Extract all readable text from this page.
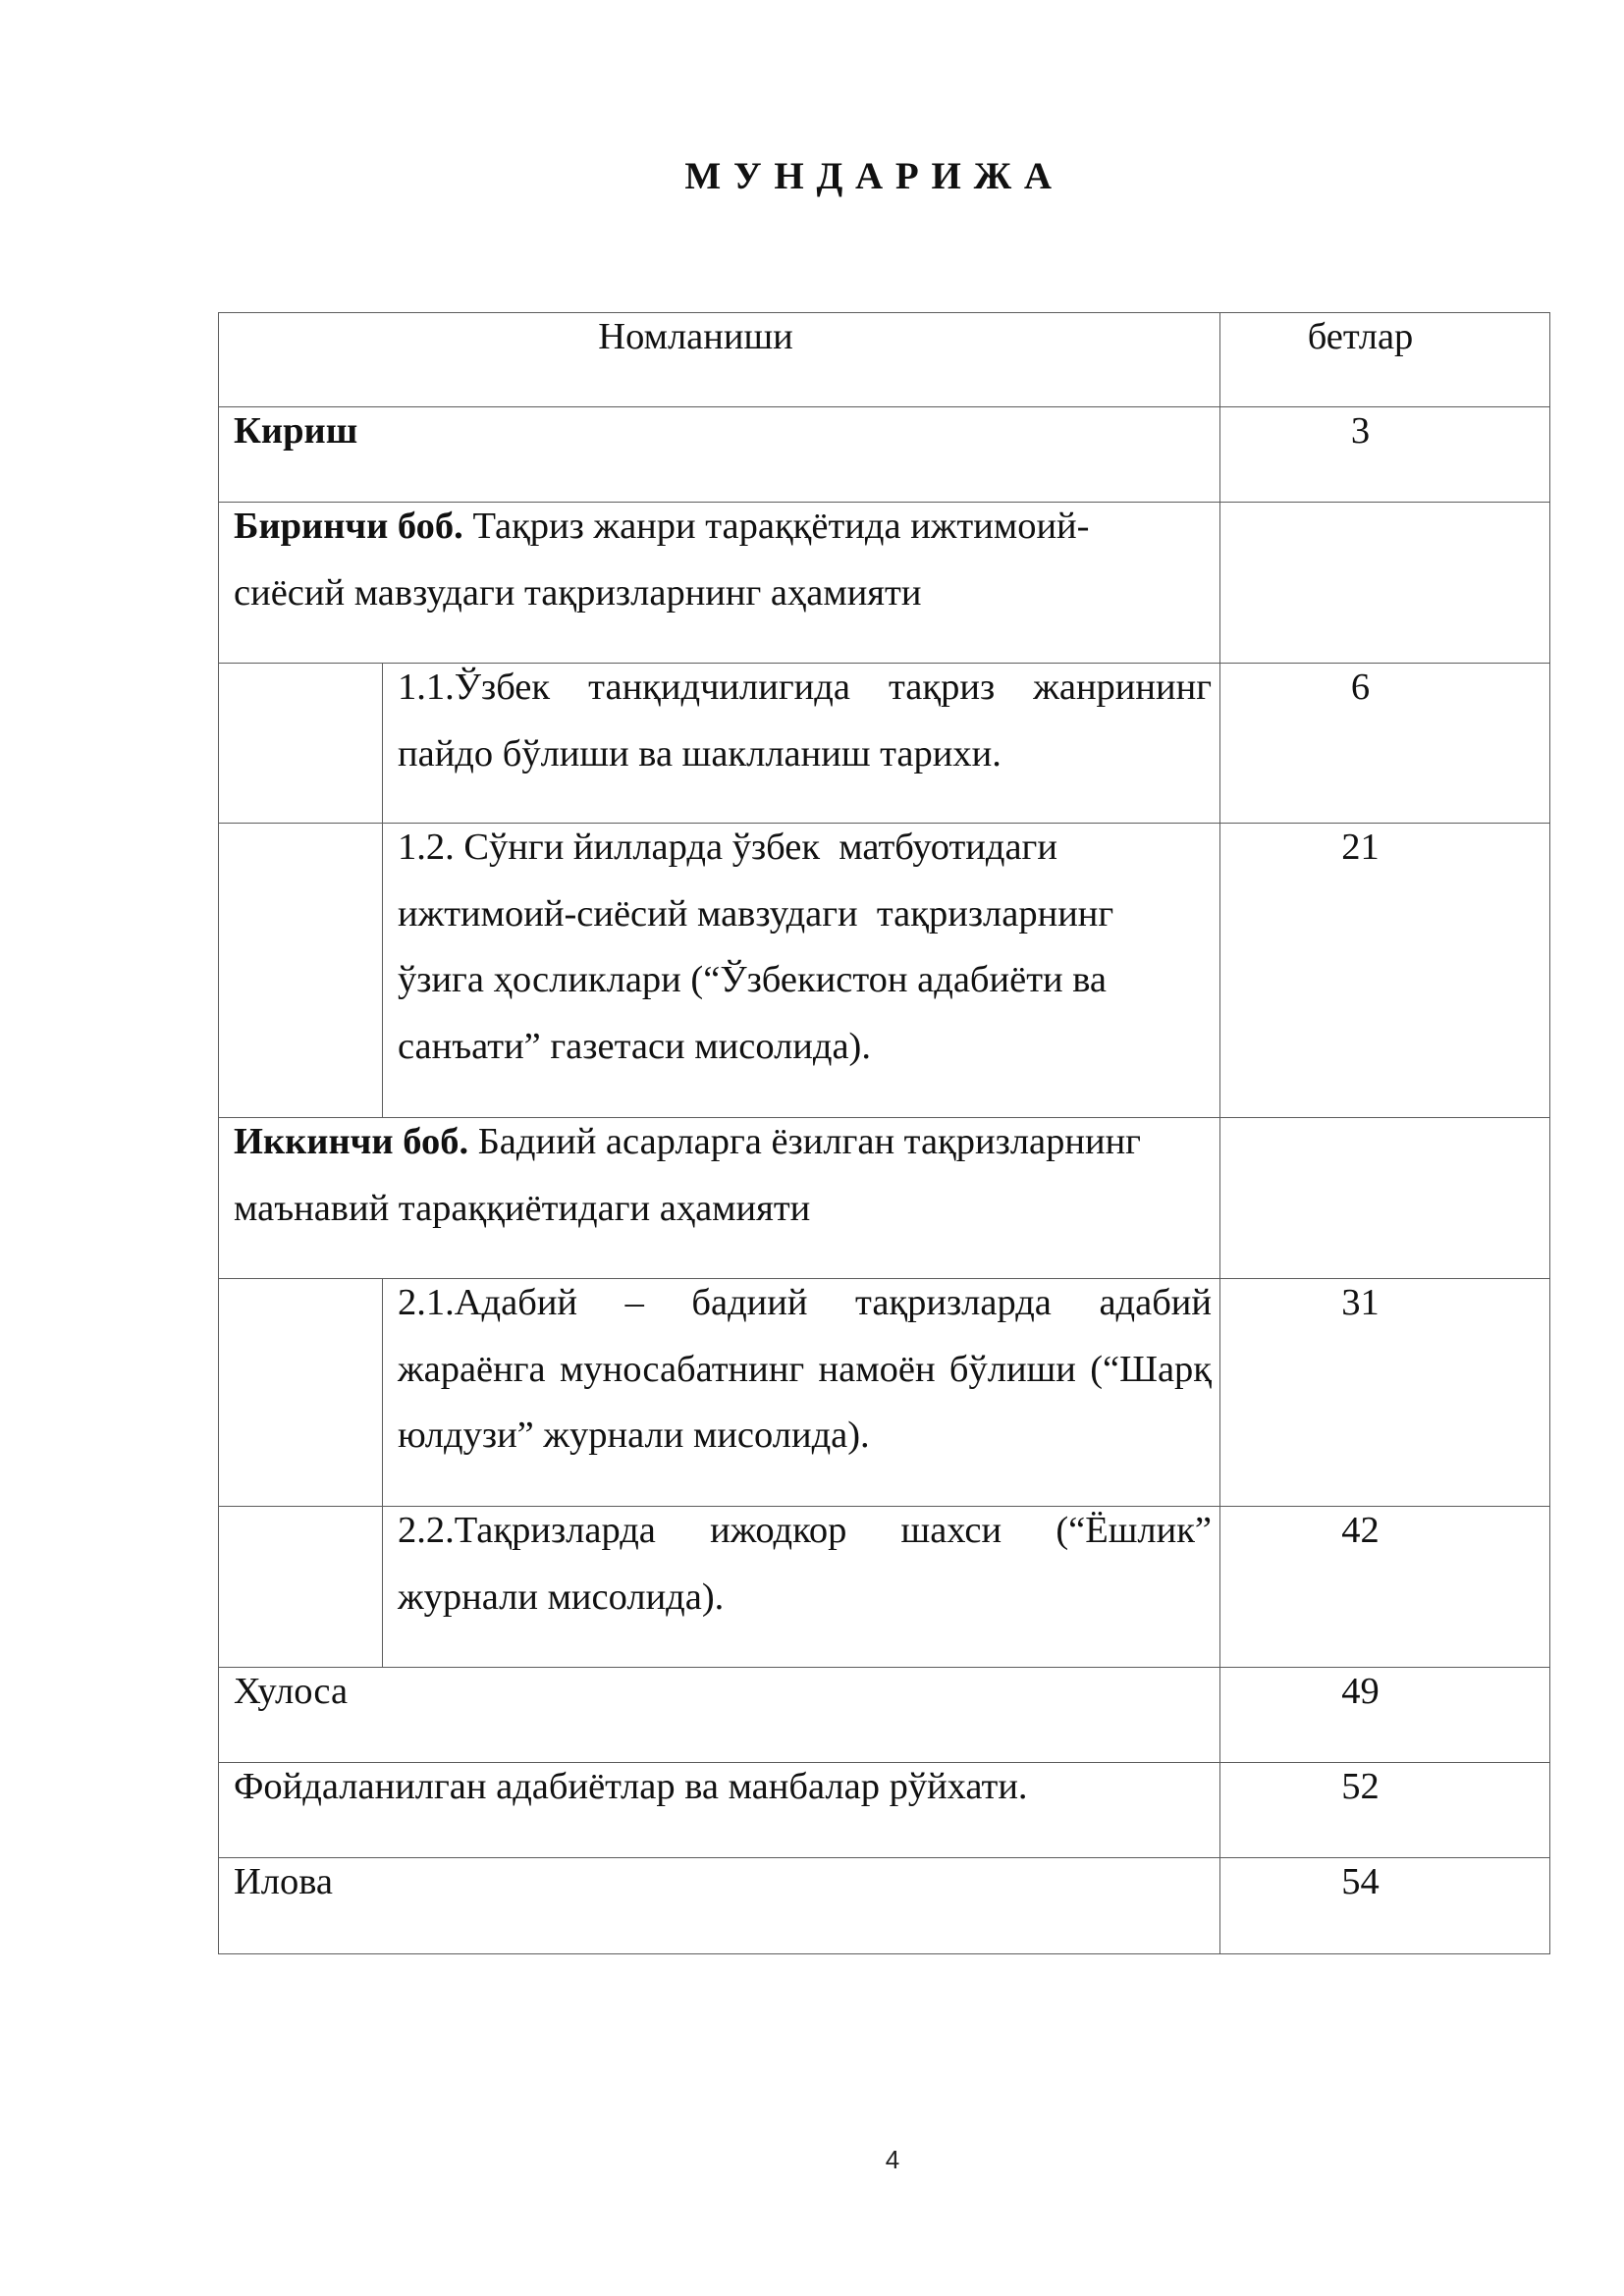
М У Н Д А Р И Ж А
Номланиши		бетлар

Кириш		3

Биринчи боб. Тақриз жанри тараққётида ижтимоий-
сиёсий мавзудаги тақризларнинг аҳамияти		

	1.1.Ўзбек танқидчилигида тақриз жанрининг
пайдо бўлиши ва шаклланиш тарихи.	6

	1.2. Сўнги йилларда ўзбек  матбуотидаги
ижтимоий-сиёсий мавзудаги  тақризларнинг
ўзига ҳосликлари (“Ўзбекистон адабиёти ва
санъати” газетаси мисолида).	21

Иккинчи боб. Бадиий асарларга ёзилган тақризларнинг
маънавий тараққиётидаги аҳамияти		

	2.1.Адабий – бадиий тақризларда адабий
жараёнга муносабатнинг намоён бўлиши (“Шарқ
юлдузи” журнали мисолида).	31

	2.2.Тақризларда ижодкор шахси (“Ёшлик”
журнали мисолида).	42

Хулоса		49

Фойдаланилган адабиётлар ва манбалар рўйхати.		52

Илова		54
4
